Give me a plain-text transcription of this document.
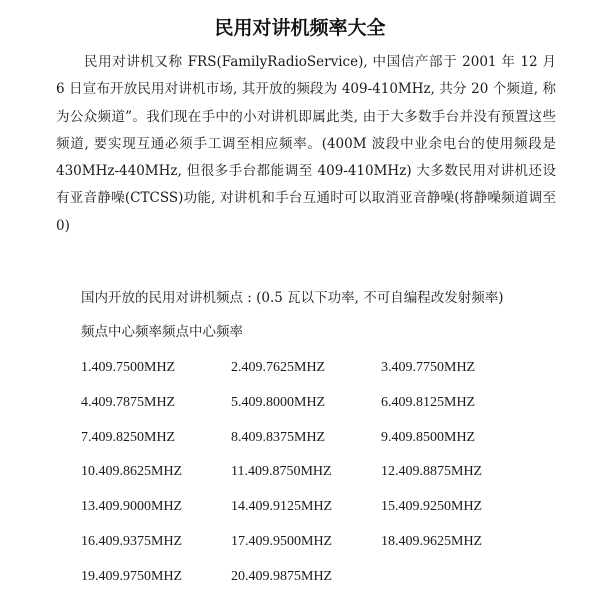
民用对讲机频率大全

民用对讲机又称 FRS(FamilyRadioService), 中国信产部于 2001 年 12 月 6 日宣布开放民用对讲机市场, 其开放的频段为 409-410MHz, 共分 20 个频道, 称为公众频道”。我们现在手中的小对讲机即属此类, 由于大多数手台并没有预置这些频道, 要实现互通必须手工调至相应频率。(400M 波段中业余电台的使用频段是 430MHz-440MHz, 但很多手台都能调至 409-410MHz) 大多数民用对讲机还设有亚音静噪(CTCSS)功能, 对讲机和手台互通时可以取消亚音静噪(将静噪频道调至 0)

国内开放的民用对讲机频点 : (0.5 瓦以下功率, 不可自编程改发射频率)
频点中心频率频点中心频率
1.409.7500MHZ	2.409.7625MHZ	3.409.7750MHZ
4.409.7875MHZ	5.409.8000MHZ	6.409.8125MHZ
7.409.8250MHZ	8.409.8375MHZ	9.409.8500MHZ
10.409.8625MHZ	11.409.8750MHZ	12.409.8875MHZ
13.409.9000MHZ	14.409.9125MHZ	15.409.9250MHZ
16.409.9375MHZ	17.409.9500MHZ	18.409.9625MHZ
19.409.9750MHZ	20.409.9875MHZ
